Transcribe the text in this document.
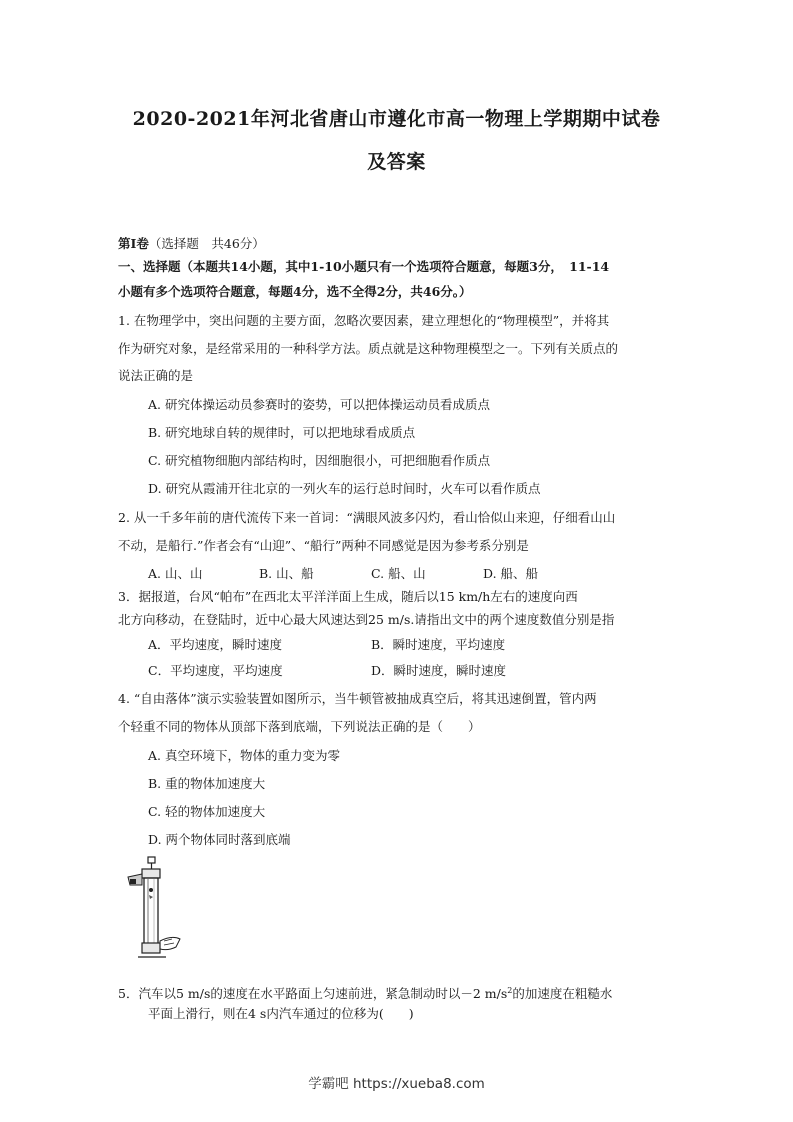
2020-2021年河北省唐山市遵化市高一物理上学期期中试卷
及答案
第Ⅰ卷（选择题　共46分）
一、选择题（本题共14小题，其中1-10小题只有一个选项符合题意，每题3分，　11-14
小题有多个选项符合题意，每题4分，选不全得2分，共46分。）
1. 在物理学中，突出问题的主要方面，忽略次要因素，建立理想化的“物理模型”，并将其
作为研究对象，是经常采用的一种科学方法。质点就是这种物理模型之一。下列有关质点的
说法正确的是
A. 研究体操运动员参赛时的姿势，可以把体操运动员看成质点
B. 研究地球自转的规律时，可以把地球看成质点
C. 研究植物细胞内部结构时，因细胞很小，可把细胞看作质点
D. 研究从霞浦开往北京的一列火车的运行总时间时，火车可以看作质点
2. 从一千多年前的唐代流传下来一首词：“满眼风波多闪灼，看山恰似山来迎，仔细看山山
不动，是船行.”作者会有“山迎”、“船行”两种不同感觉是因为参考系分别是
A. 山、山	B. 山、船	C. 船、山	D. 船、船
3．据报道，台风“帕布”在西北太平洋洋面上生成，随后以15 km/h左右的速度向西
北方向移动，在登陆时，近中心最大风速达到25 m/s.请指出文中的两个速度数值分别是指
A．平均速度，瞬时速度	B．瞬时速度，平均速度
C．平均速度，平均速度	D．瞬时速度，瞬时速度
4. “自由落体”演示实验装置如图所示，当牛顿管被抽成真空后，将其迅速倒置，管内两
个轻重不同的物体从顶部下落到底端，下列说法正确的是（　　）
A. 真空环境下，物体的重力变为零
B. 重的物体加速度大
C. 轻的物体加速度大
D. 两个物体同时落到底端
5．汽车以5 m/s的速度在水平路面上匀速前进，紧急制动时以－2 $m/s^2$的加速度在粗糙水
平面上滑行，则在4 s内汽车通过的位移为(　　)
学霸吧 https://xueba8.com
